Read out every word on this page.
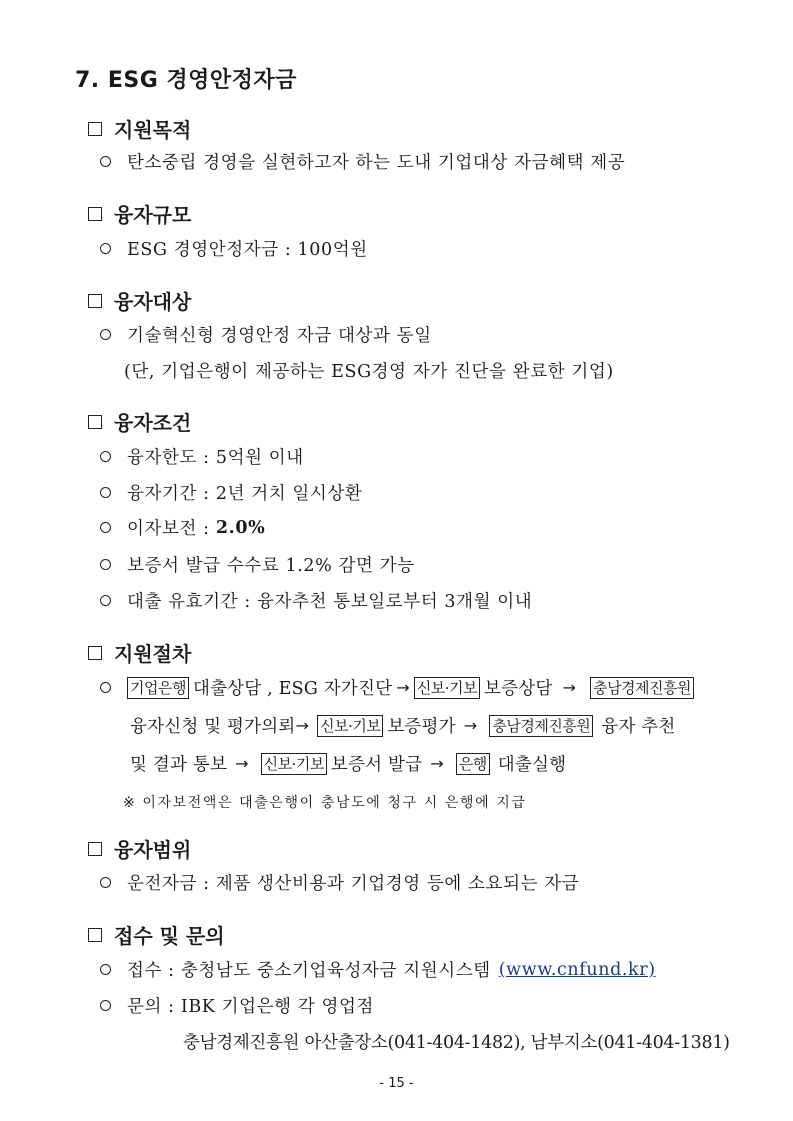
7. ESG 경영안정자금
지원목적
탄소중립 경영을 실현하고자 하는 도내 기업대상 자금혜택 제공
융자규모
ESG 경영안정자금 : 100억원
융자대상
기술혁신형 경영안정 자금 대상과 동일
(단, 기업은행이 제공하는 ESG경영 자가 진단을 완료한 기업)
융자조건
융자한도 : 5억원 이내
융자기간 : 2년 거치 일시상환
이자보전 : 2.0%
보증서 발급 수수료 1.2% 감면 가능
대출 유효기간 : 융자추천 통보일로부터 3개월 이내
지원절차
기업은행 대출상담 , ESG 자가진단 → 신보·기보 보증상담 → 충남경제진흥원
융자신청 및 평가의뢰 → 신보·기보 보증평가 → 충남경제진흥원 융자 추천
및 결과 통보 → 신보·기보 보증서 발급 → 은행 대출실행
※ 이자보전액은 대출은행이 충남도에 청구 시 은행에 지급
융자범위
운전자금 : 제품 생산비용과 기업경영 등에 소요되는 자금
접수 및 문의
접수 : 충청남도 중소기업육성자금 지원시스템 (www.cnfund.kr)
문의 : IBK 기업은행 각 영업점
충남경제진흥원 아산출장소(041-404-1482), 남부지소(041-404-1381)
- 15 -
